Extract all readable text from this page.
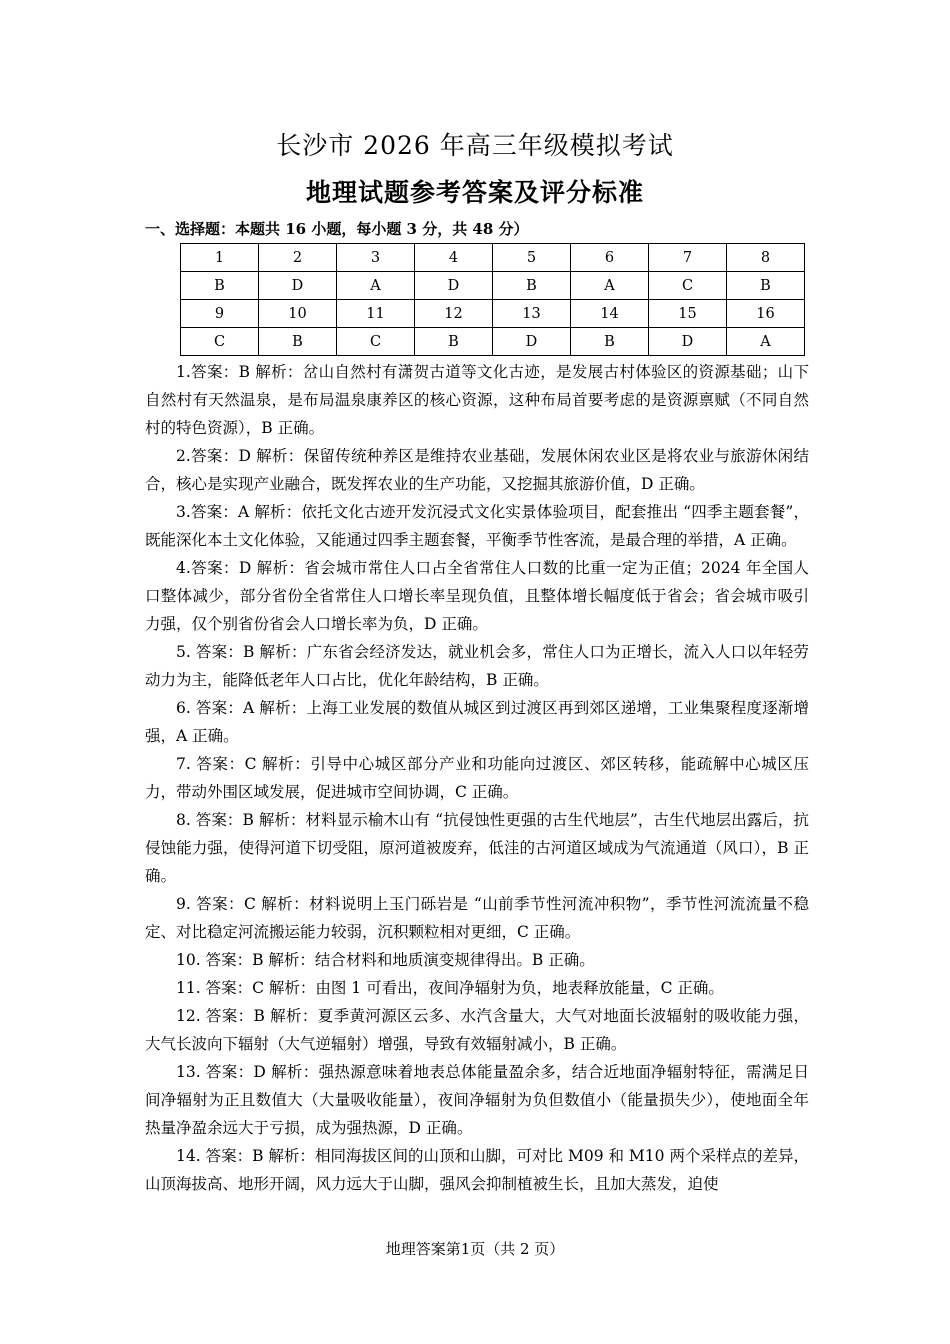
长沙市 2026 年高三年级模拟考试
地理试题参考答案及评分标准
一、选择题：本题共 16 小题，每小题 3 分，共 48 分）
1	2	3	4	5	6	7	8
B	D	A	D	B	A	C	B
9	10	11	12	13	14	15	16
C	B	C	B	D	B	D	A

1.答案：B 解析：岔山自然村有潇贺古道等文化古迹，是发展古村体验区的资源基础；山下自然村有天然温泉，是布局温泉康养区的核心资源，这种布局首要考虑的是资源禀赋（不同自然村的特色资源），B 正确。

2.答案：D 解析：保留传统种养区是维持农业基础，发展休闲农业区是将农业与旅游休闲结合，核心是实现产业融合，既发挥农业的生产功能，又挖掘其旅游价值，D 正确。

3.答案：A 解析：依托文化古迹开发沉浸式文化实景体验项目，配套推出 “四季主题套餐”，既能深化本土文化体验，又能通过四季主题套餐，平衡季节性客流，是最合理的举措，A 正确。

4.答案：D 解析：省会城市常住人口占全省常住人口数的比重一定为正值；2024 年全国人口整体减少，部分省份全省常住人口增长率呈现负值，且整体增长幅度低于省会；省会城市吸引力强，仅个别省份省会人口增长率为负，D 正确。

5. 答案：B 解析：广东省会经济发达，就业机会多，常住人口为正增长，流入人口以年轻劳动力为主，能降低老年人口占比，优化年龄结构，B 正确。

6. 答案：A 解析：上海工业发展的数值从城区到过渡区再到郊区递增，工业集聚程度逐渐增强，A 正确。

7. 答案：C 解析：引导中心城区部分产业和功能向过渡区、郊区转移，能疏解中心城区压力，带动外围区域发展，促进城市空间协调，C 正确。

8. 答案：B 解析：材料显示榆木山有 “抗侵蚀性更强的古生代地层”，古生代地层出露后，抗侵蚀能力强，使得河道下切受阻，原河道被废弃，低洼的古河道区域成为气流通道（风口），B 正确。

9. 答案：C 解析：材料说明上玉门砾岩是 “山前季节性河流冲积物”，季节性河流流量不稳定、对比稳定河流搬运能力较弱，沉积颗粒相对更细，C 正确。

10. 答案：B 解析：结合材料和地质演变规律得出。B 正确。

11. 答案：C 解析：由图 1 可看出，夜间净辐射为负，地表释放能量，C 正确。

12. 答案：B 解析：夏季黄河源区云多、水汽含量大，大气对地面长波辐射的吸收能力强，大气长波向下辐射（大气逆辐射）增强，导致有效辐射减小，B 正确。

13. 答案：D 解析：强热源意味着地表总体能量盈余多，结合近地面净辐射特征，需满足日间净辐射为正且数值大（大量吸收能量），夜间净辐射为负但数值小（能量损失少），使地面全年热量净盈余远大于亏损，成为强热源，D 正确。

14. 答案：B 解析：相同海拔区间的山顶和山脚，可对比 M09 和 M10 两个采样点的差异，山顶海拔高、地形开阔，风力远大于山脚，强风会抑制植被生长，且加大蒸发，迫使

地理答案第1页（共 2 页）
